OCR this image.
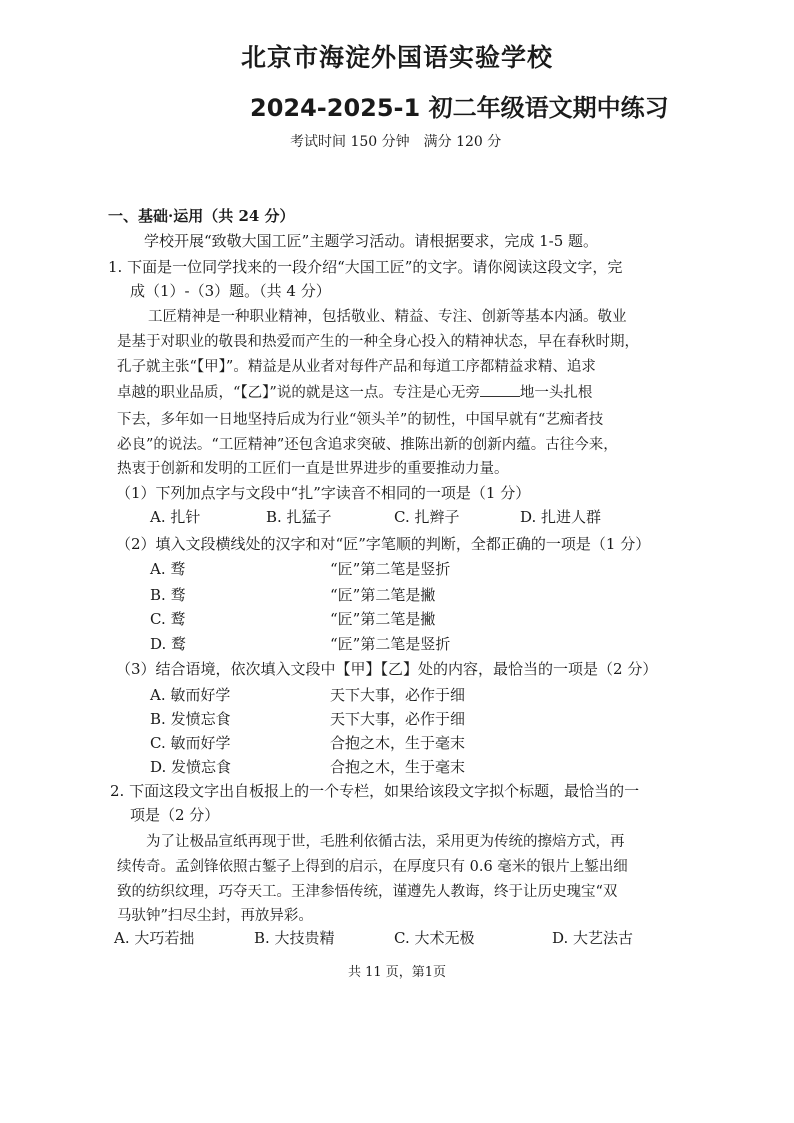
北京市海淀外国语实验学校
2024-2025-1 初二年级语文期中练习
考试时间 150 分钟　满分 120 分
一、基础·运用（共 24 分）
学校开展“致敬大国工匠”主题学习活动。请根据要求，完成 1-5 题。
1. 下面是一位同学找来的一段介绍“大国工匠”的文字。请你阅读这段文字，完
成（1）-（3）题。（共 4 分）
工匠精神是一种职业精神，包括敬业、精益、专注、创新等基本内涵。敬业
是基于对职业的敬畏和热爱而产生的一种全身心投入的精神状态，早在春秋时期，
孔子就主张“【甲】”。精益是从业者对每件产品和每道工序都精益求精、追求
卓越的职业品质，“【乙】”说的就是这一点。专注是心无旁	地一头扎根
下去，多年如一日地坚持后成为行业“领头羊”的韧性，中国早就有“艺痴者技
必良”的说法。“工匠精神”还包含追求突破、推陈出新的创新内蕴。古往今来，
热衷于创新和发明的工匠们一直是世界进步的重要推动力量。
（1）下列加点字与文段中“扎”字读音不相同的一项是（1 分）
A. 扎针	B. 扎猛子	C. 扎辫子	D. 扎进人群
（2）填入文段横线处的汉字和对“匠”字笔顺的判断，全都正确的一项是（1 分）
A. 骛	“匠”第二笔是竖折
B. 骛	“匠”第二笔是撇
C. 鹜	“匠”第二笔是撇
D. 鹜	“匠”第二笔是竖折
（3）结合语境，依次填入文段中【甲】【乙】处的内容，最恰当的一项是（2 分）
A. 敏而好学	天下大事，必作于细
B. 发愤忘食	天下大事，必作于细
C. 敏而好学	合抱之木，生于毫末
D. 发愤忘食	合抱之木，生于毫末
2. 下面这段文字出自板报上的一个专栏，如果给该段文字拟个标题，最恰当的一
项是（2 分）
为了让极品宣纸再现于世，毛胜利依循古法，采用更为传统的擦焙方式，再
续传奇。孟剑锋依照古錾子上得到的启示，在厚度只有 0.6 毫米的银片上錾出细
致的纺织纹理，巧夺天工。王津参悟传统，谨遵先人教诲，终于让历史瑰宝“双
马驮钟”扫尽尘封，再放异彩。
A. 大巧若拙	B. 大技贵精	C. 大术无极	D. 大艺法古
共 11 页，第1页
